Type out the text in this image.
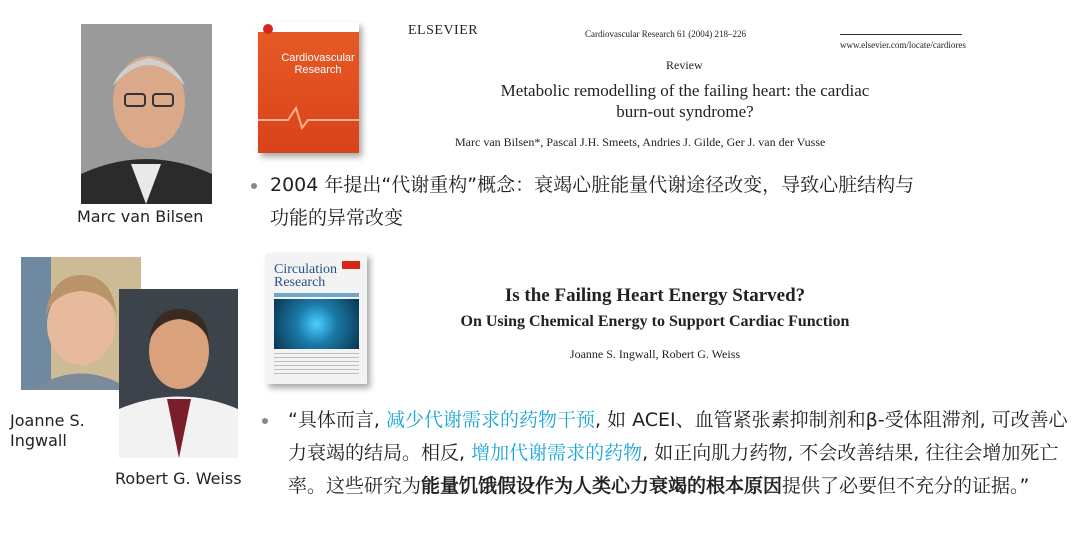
Marc van Bilsen
Joanne S.
Ingwall
Robert G. Weiss
Cardiovascular Research
ELSEVIER	Cardiovascular Research 61 (2004) 218–226
www.elsevier.com/locate/cardiores
Review
Metabolic remodelling of the failing heart: the cardiac
burn-out syndrome?
Marc van Bilsen*, Pascal J.H. Smeets, Andries J. Gilde, Ger J. van der Vusse
2004 年提出“代谢重构”概念：衰竭心脏能量代谢途径改变，导致心脏结构与
功能的异常改变
Circulation
Research
Is the Failing Heart Energy Starved?
On Using Chemical Energy to Support Cardiac Function
Joanne S. Ingwall, Robert G. Weiss
“具体而言, 减少代谢需求的药物干预, 如 ACEI、血管紧张素抑制剂和β-受体阻滞剂, 可改善心力衰竭的结局。相反, 增加代谢需求的药物, 如正向肌力药物, 不会改善结果, 往往会增加死亡率。这些研究为能量饥饿假设作为人类心力衰竭的根本原因提供了必要但不充分的证据。”
